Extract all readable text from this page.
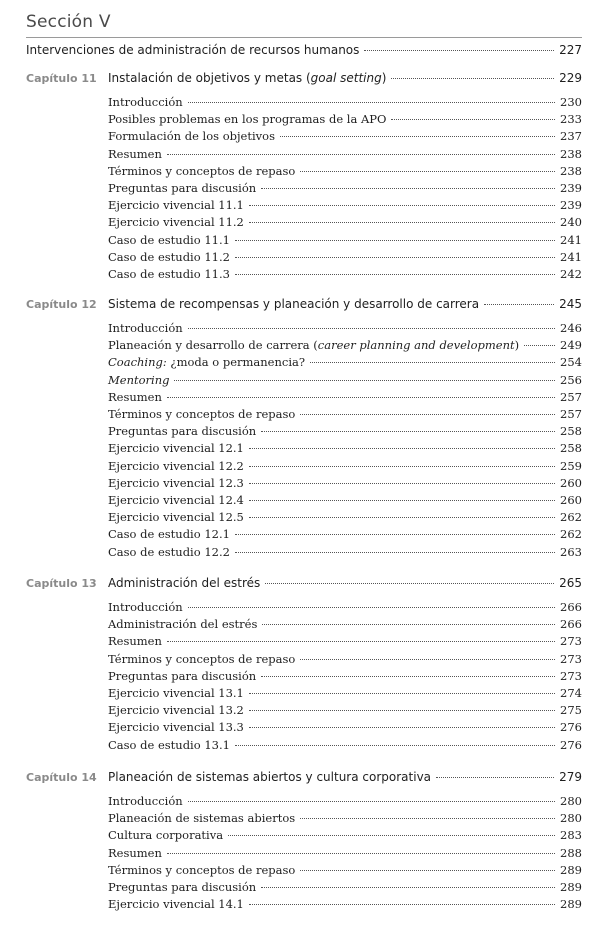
Sección V
Intervenciones de administración de recursos humanos	227
Capítulo 11 Instalación de objetivos y metas (goal setting)	229
Introducción	230
Posibles problemas en los programas de la APO	233
Formulación de los objetivos	237
Resumen	238
Términos y conceptos de repaso	238
Preguntas para discusión	239
Ejercicio vivencial 11.1	239
Ejercicio vivencial 11.2	240
Caso de estudio 11.1	241
Caso de estudio 11.2	241
Caso de estudio 11.3	242
Capítulo 12 Sistema de recompensas y planeación y desarrollo de carrera	245
Introducción	246
Planeación y desarrollo de carrera (career planning and development)	249
Coaching: ¿moda o permanencia?	254
Mentoring	256
Resumen	257
Términos y conceptos de repaso	257
Preguntas para discusión	258
Ejercicio vivencial 12.1	258
Ejercicio vivencial 12.2	259
Ejercicio vivencial 12.3	260
Ejercicio vivencial 12.4	260
Ejercicio vivencial 12.5	262
Caso de estudio 12.1	262
Caso de estudio 12.2	263
Capítulo 13 Administración del estrés	265
Introducción	266
Administración del estrés	266
Resumen	273
Términos y conceptos de repaso	273
Preguntas para discusión	273
Ejercicio vivencial 13.1	274
Ejercicio vivencial 13.2	275
Ejercicio vivencial 13.3	276
Caso de estudio 13.1	276
Capítulo 14 Planeación de sistemas abiertos y cultura corporativa	279
Introducción	280
Planeación de sistemas abiertos	280
Cultura corporativa	283
Resumen	288
Términos y conceptos de repaso	289
Preguntas para discusión	289
Ejercicio vivencial 14.1	289
